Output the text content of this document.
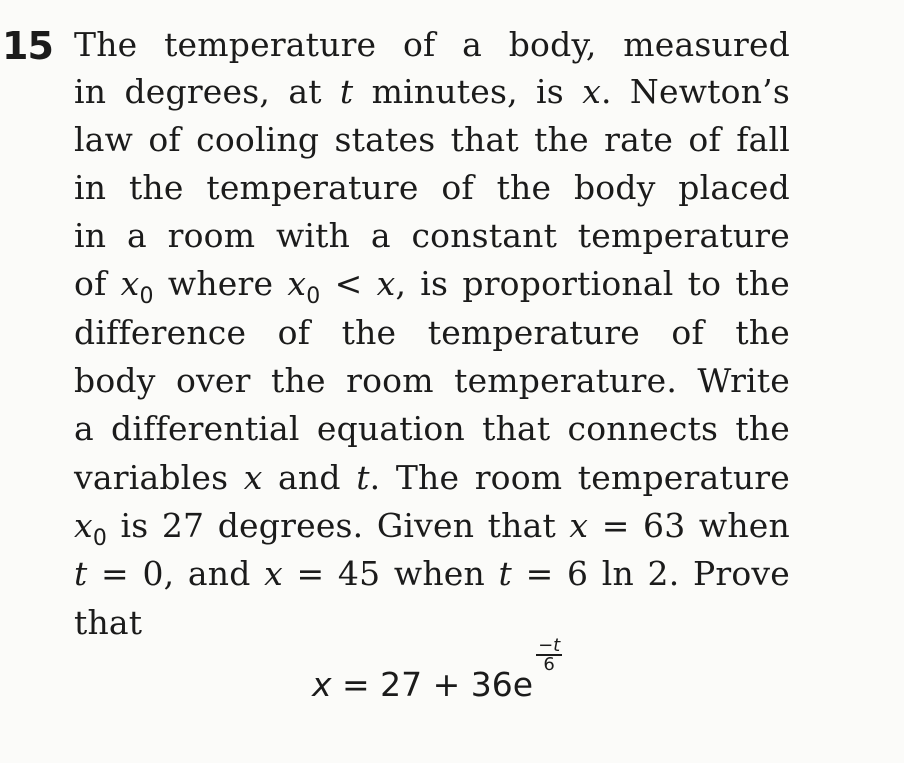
15 The temperature of a body, measured
in degrees, at t minutes, is x. Newton’s
law of cooling states that the rate of fall
in the temperature of the body placed
in a room with a constant temperature
of $x_0$ where $x_0 < x$, is proportional to the
difference of the temperature of the
body over the room temperature. Write
a differential equation that connects the
variables x and t. The room temperature
$x_0$ is 27 degrees. Given that x = 63 when
t = 0, and x = 45 when t = 6 ln 2. Prove
that
x = 27 + 36e
$\frac{-t}{6}$
